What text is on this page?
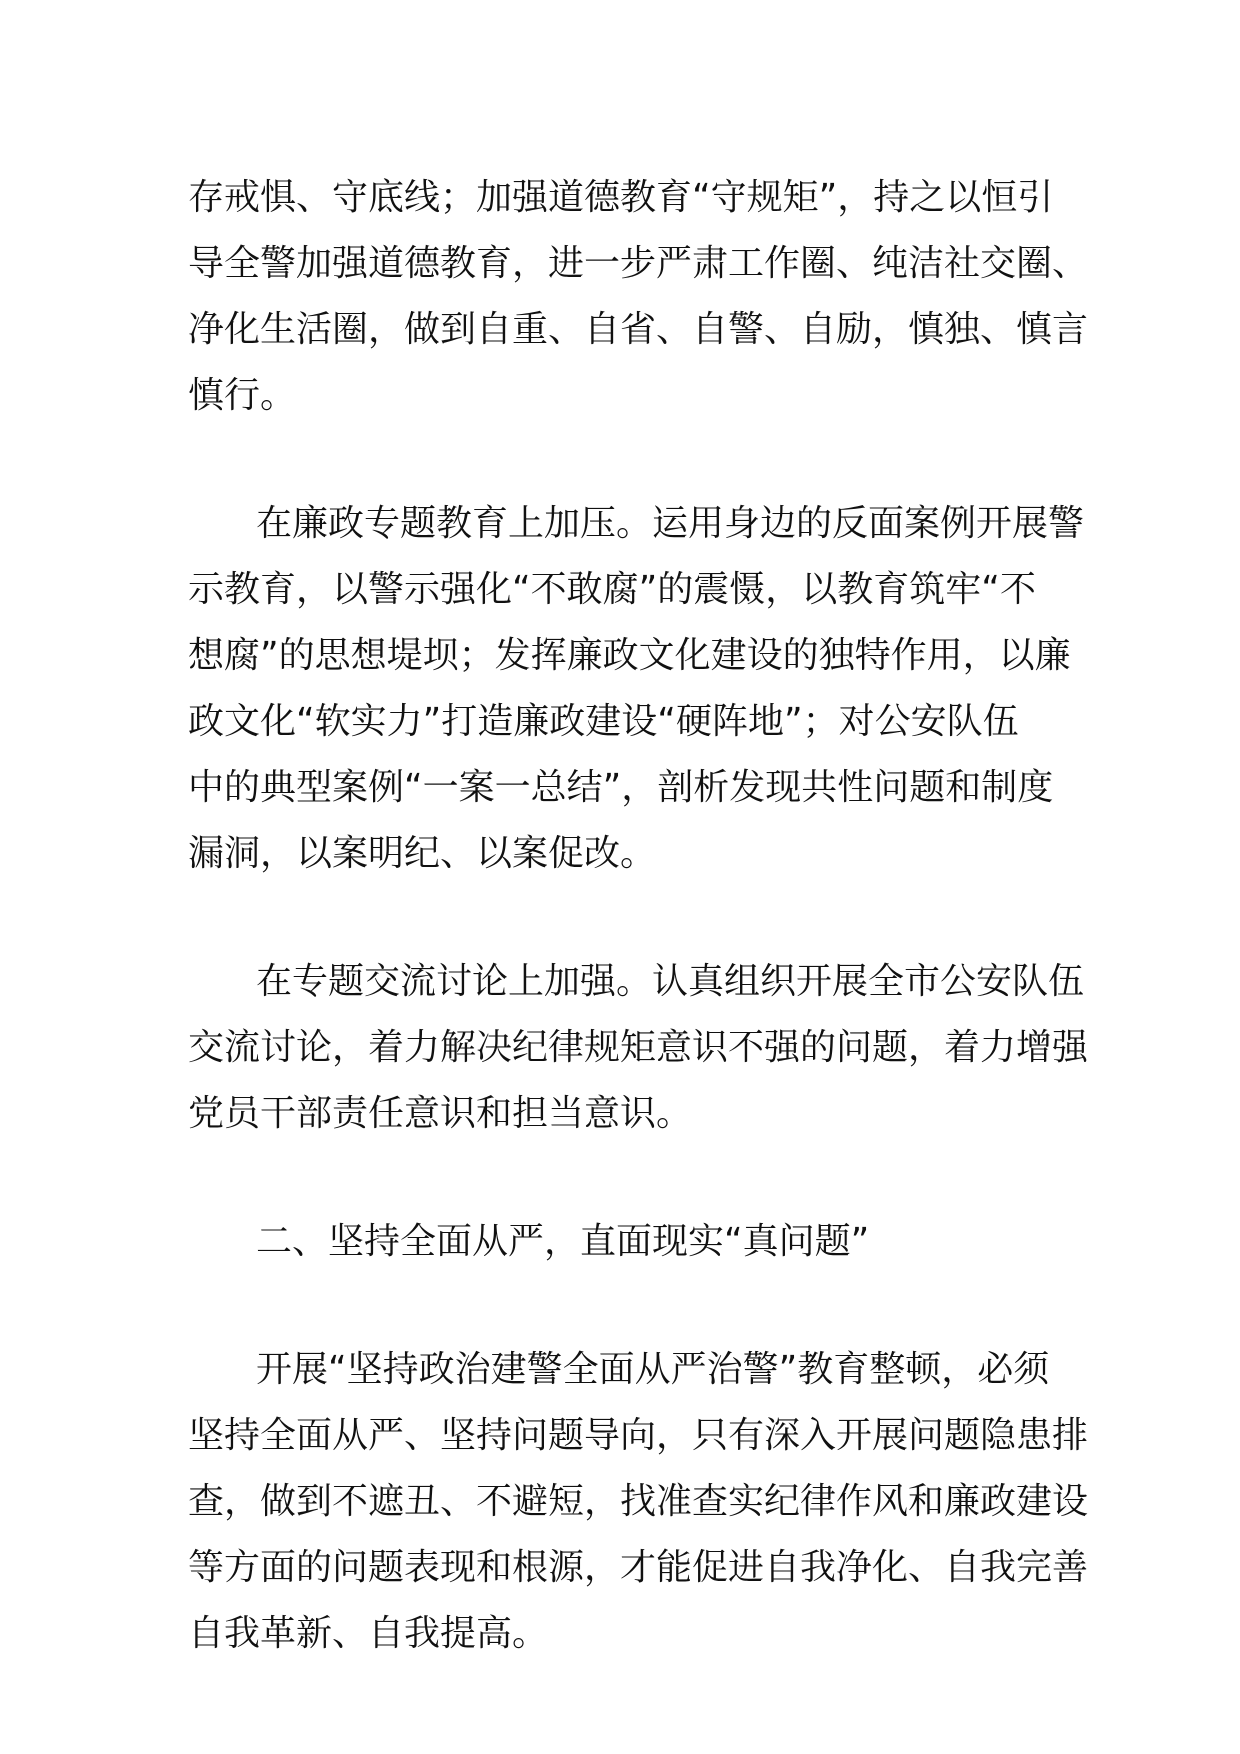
存戒惧、守底线；加强道德教育“守规矩”，持之以恒引
导全警加强道德教育，进一步严肃工作圈、纯洁社交圈、
净化生活圈，做到自重、自省、自警、自励，慎独、慎言
慎行。
在廉政专题教育上加压。运用身边的反面案例开展警
示教育，以警示强化“不敢腐”的震慑，以教育筑牢“不
想腐”的思想堤坝；发挥廉政文化建设的独特作用，以廉
政文化“软实力”打造廉政建设“硬阵地”；对公安队伍
中的典型案例“一案一总结”，剖析发现共性问题和制度
漏洞，以案明纪、以案促改。
在专题交流讨论上加强。认真组织开展全市公安队伍
交流讨论，着力解决纪律规矩意识不强的问题，着力增强
党员干部责任意识和担当意识。
二、坚持全面从严，直面现实“真问题”
开展“坚持政治建警全面从严治警”教育整顿，必须
坚持全面从严、坚持问题导向，只有深入开展问题隐患排
查，做到不遮丑、不避短，找准查实纪律作风和廉政建设
等方面的问题表现和根源，才能促进自我净化、自我完善
自我革新、自我提高。
